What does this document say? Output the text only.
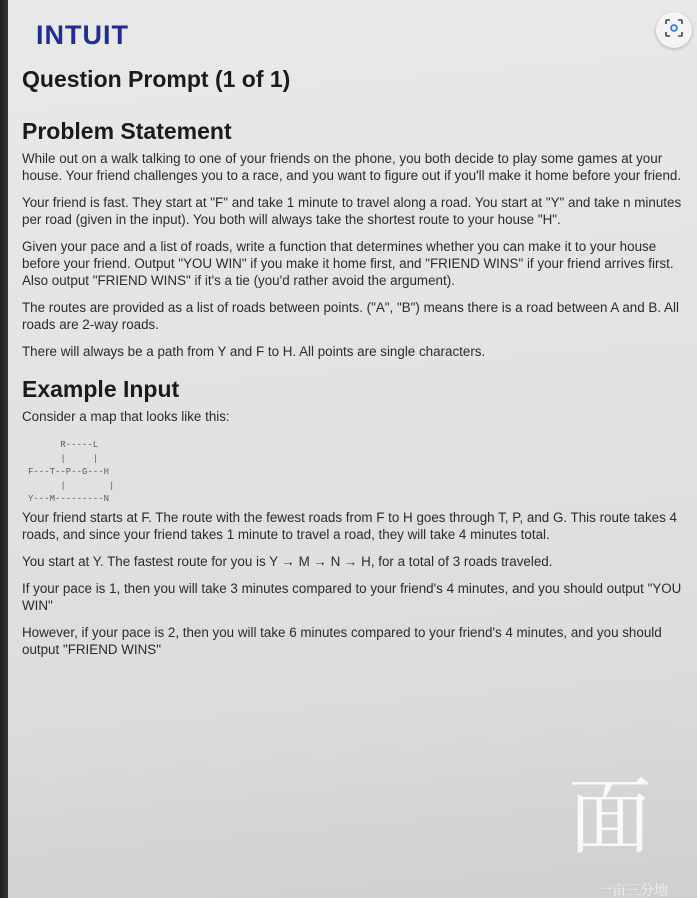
INTUIT
Question Prompt (1 of 1)
Problem Statement

While out on a walk talking to one of your friends on the phone, you both decide to play some games at your house. Your friend challenges you to a race, and you want to figure out if you'll make it home before your friend.

Your friend is fast. They start at "F" and take 1 minute to travel along a road. You start at "Y" and take n minutes per road (given in the input). You both will always take the shortest route to your house "H".

Given your pace and a list of roads, write a function that determines whether you can make it to your house before your friend. Output "YOU WIN" if you make it home first, and "FRIEND WINS" if your friend arrives first. Also output "FRIEND WINS" if it's a tie (you'd rather avoid the argument).

The routes are provided as a list of roads between points. ("A", "B") means there is a road between A and B. All roads are 2-way roads.

There will always be a path from Y and F to H. All points are single characters.

Example Input

Consider a map that looks like this:

R-----L
|     |
F---T--P--G---H
|        |
Y---M---------N

Your friend starts at F. The route with the fewest roads from F to H goes through T, P, and G. This route takes 4 roads, and since your friend takes 1 minute to travel a road, they will take 4 minutes total.

You start at Y. The fastest route for you is Y → M → N → H, for a total of 3 roads traveled.

If your pace is 1, then you will take 3 minutes compared to your friend's 4 minutes, and you should output "YOU WIN"

However, if your pace is 2, then you will take 6 minutes compared to your friend's 4 minutes, and you should output "FRIEND WINS"

面
一亩三分地
